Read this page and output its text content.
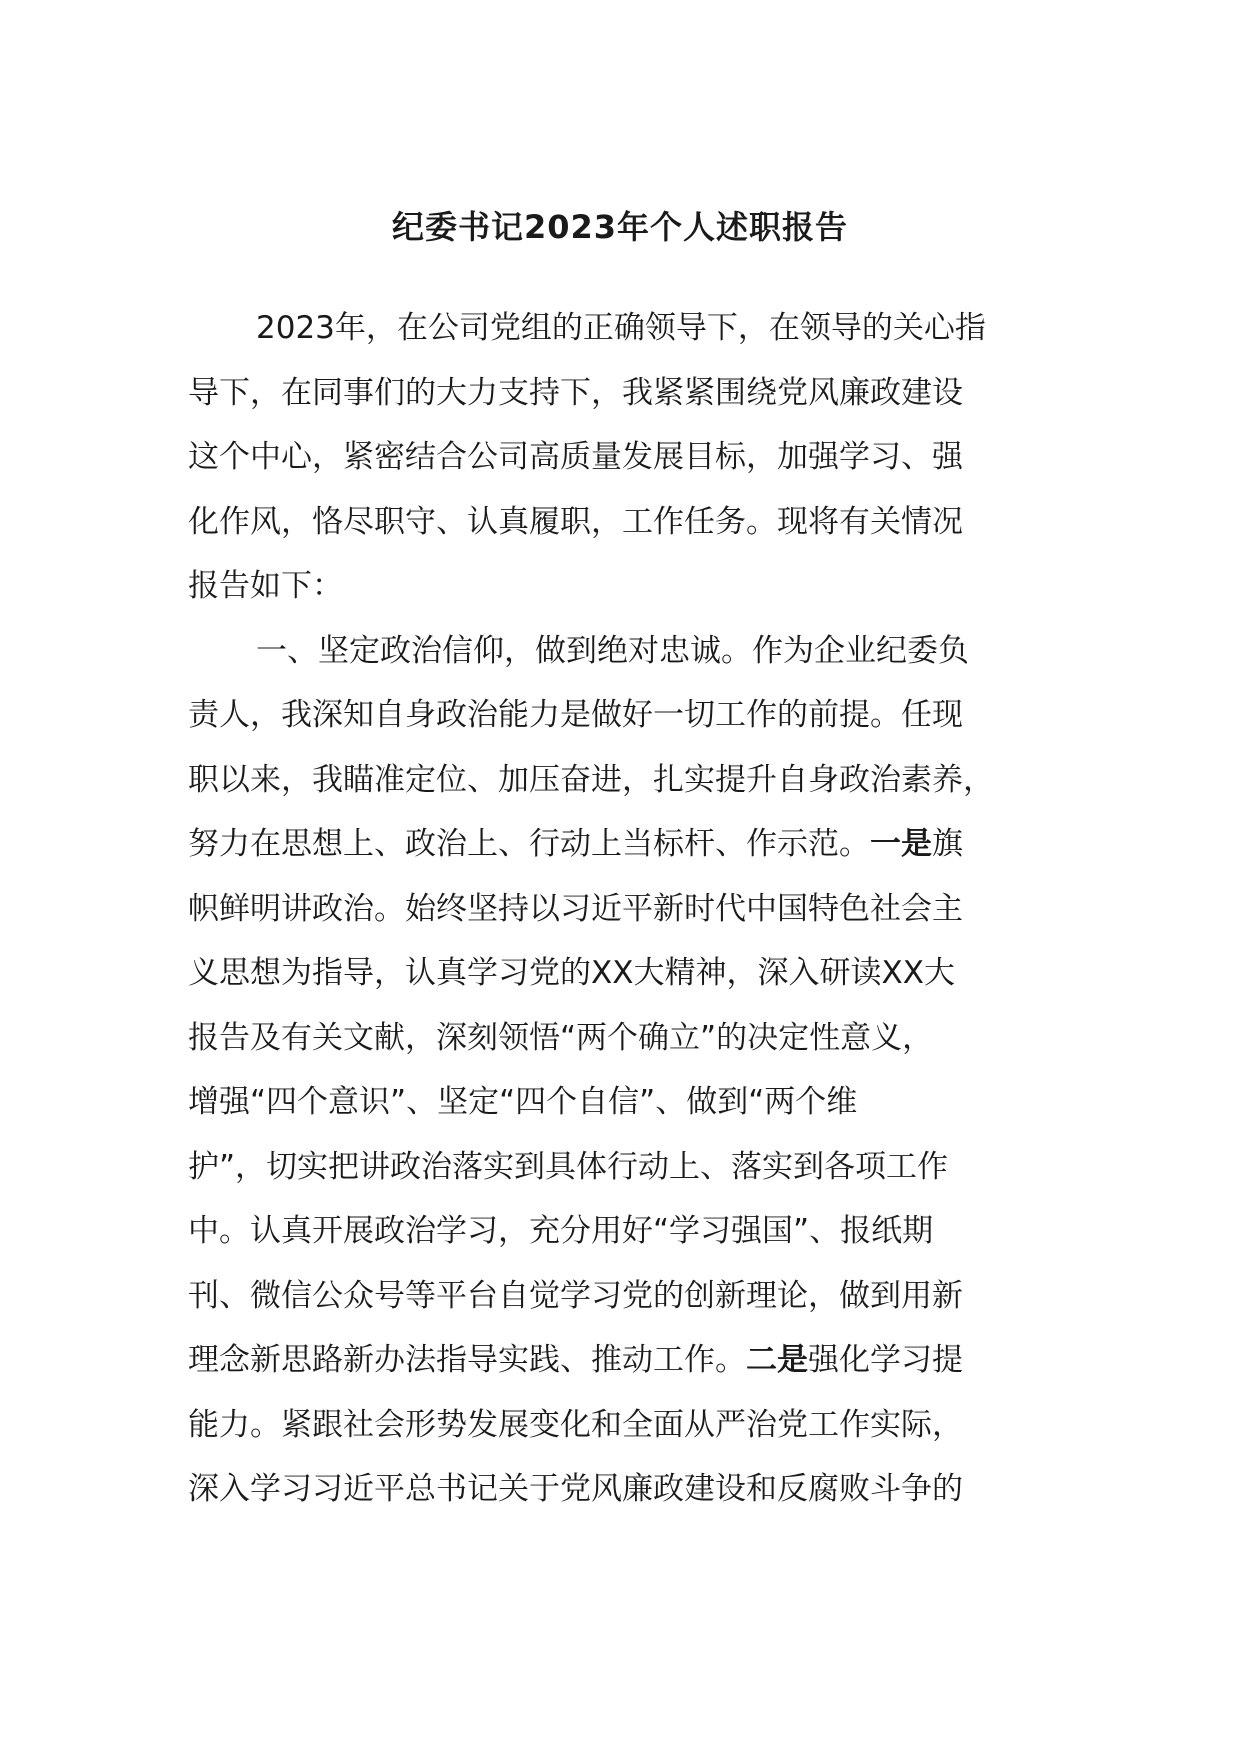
纪委书记2023年个人述职报告
2023年，在公司党组的正确领导下，在领导的关心指
导下，在同事们的大力支持下，我紧紧围绕党风廉政建设
这个中心，紧密结合公司高质量发展目标，加强学习、强
化作风，恪尽职守、认真履职，工作任务。现将有关情况
报告如下：
一、坚定政治信仰，做到绝对忠诚。作为企业纪委负
责人，我深知自身政治能力是做好一切工作的前提。任现
职以来，我瞄准定位、加压奋进，扎实提升自身政治素养，
努力在思想上、政治上、行动上当标杆、作示范。一是旗
帜鲜明讲政治。始终坚持以习近平新时代中国特色社会主
义思想为指导，认真学习党的XX大精神，深入研读XX大
报告及有关文献，深刻领悟“两个确立”的决定性意义，
增强“四个意识”、坚定“四个自信”、做到“两个维
护”，切实把讲政治落实到具体行动上、落实到各项工作
中。认真开展政治学习，充分用好“学习强国”、报纸期
刊、微信公众号等平台自觉学习党的创新理论，做到用新
理念新思路新办法指导实践、推动工作。二是强化学习提
能力。紧跟社会形势发展变化和全面从严治党工作实际，
深入学习习近平总书记关于党风廉政建设和反腐败斗争的
